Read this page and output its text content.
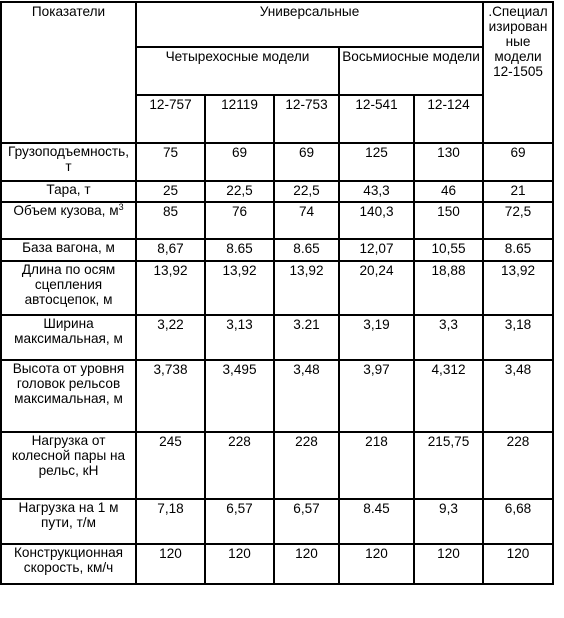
Показатели	Универсальные					.Специализированные модели 12-1505
	Четырехосные модели			Восьмиосные модели		
	12-757	12119	12-753	12-541	12-124	
Грузоподъемность, т	75	69	69	125	130	69
Тара, т	25	22,5	22,5	43,3	46	21
Объем кузова, $м^3$	85	76	74	140,3	150	72,5
База вагона, м	8,67	8.65	8.65	12,07	10,55	8.65
Длина по осям сцепления автосцепок, м	13,92	13,92	13,92	20,24	18,88	13,92
Ширина максимальная, м	3,22	3,13	3.21	3,19	3,3	3,18
Высота от уровня головок рельсов максимальная, м	3,738	3,495	3,48	3,97	4,312	3,48
Нагрузка от колесной пары на рельс, кН	245	228	228	218	215,75	228
Нагрузка на 1 м пути, т/м	7,18	6,57	6,57	8.45	9,3	6,68
Конструкционная скорость, км/ч	120	120	120	120	120	120
